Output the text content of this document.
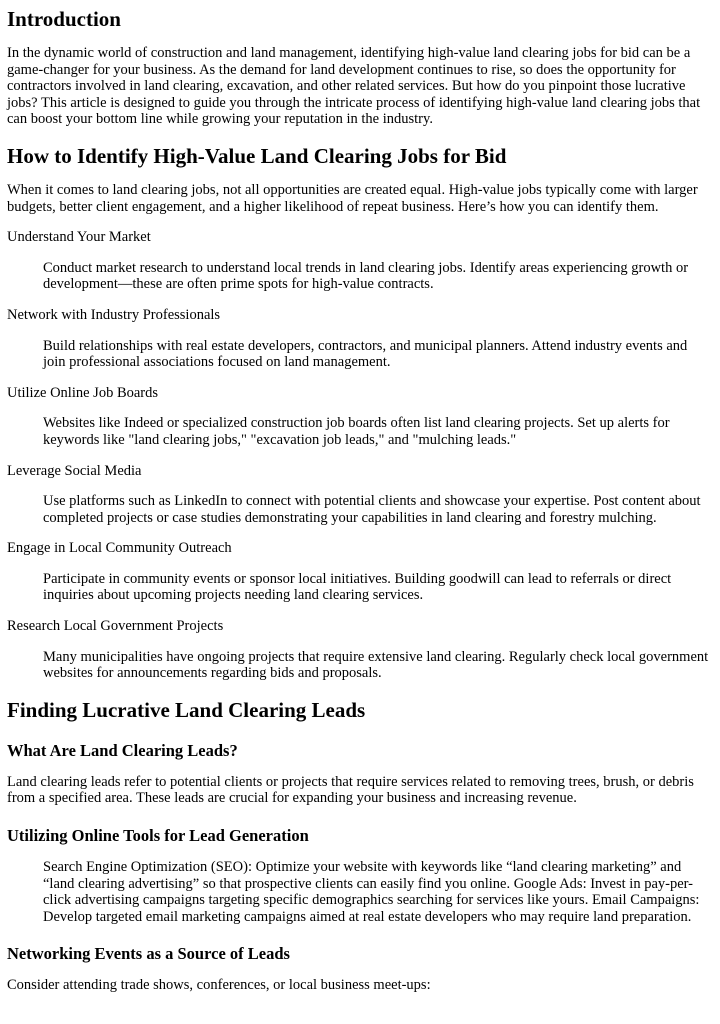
Introduction

In the dynamic world of construction and land management, identifying high-value land clearing jobs for bid can be a game-changer for your business. As the demand for land development continues to rise, so does the opportunity for contractors involved in land clearing, excavation, and other related services. But how do you pinpoint those lucrative jobs? This article is designed to guide you through the intricate process of identifying high-value land clearing jobs that can boost your bottom line while growing your reputation in the industry.

How to Identify High-Value Land Clearing Jobs for Bid

When it comes to land clearing jobs, not all opportunities are created equal. High-value jobs typically come with larger budgets, better client engagement, and a higher likelihood of repeat business. Here’s how you can identify them.

Understand Your Market
Conduct market research to understand local trends in land clearing jobs. Identify areas experiencing growth or development—these are often prime spots for high-value contracts.
Network with Industry Professionals
Build relationships with real estate developers, contractors, and municipal planners. Attend industry events and join professional associations focused on land management.
Utilize Online Job Boards
Websites like Indeed or specialized construction job boards often list land clearing projects. Set up alerts for keywords like "land clearing jobs," "excavation job leads," and "mulching leads."
Leverage Social Media
Use platforms such as LinkedIn to connect with potential clients and showcase your expertise. Post content about completed projects or case studies demonstrating your capabilities in land clearing and forestry mulching.
Engage in Local Community Outreach
Participate in community events or sponsor local initiatives. Building goodwill can lead to referrals or direct inquiries about upcoming projects needing land clearing services.
Research Local Government Projects
Many municipalities have ongoing projects that require extensive land clearing. Regularly check local government websites for announcements regarding bids and proposals.
Finding Lucrative Land Clearing Leads
What Are Land Clearing Leads?

Land clearing leads refer to potential clients or projects that require services related to removing trees, brush, or debris from a specified area. These leads are crucial for expanding your business and increasing revenue.

Utilizing Online Tools for Lead Generation
Search Engine Optimization (SEO): Optimize your website with keywords like “land clearing marketing” and “land clearing advertising” so that prospective clients can easily find you online. Google Ads: Invest in pay-per-click advertising campaigns targeting specific demographics searching for services like yours. Email Campaigns: Develop targeted email marketing campaigns aimed at real estate developers who may require land preparation.
Networking Events as a Source of Leads

Consider attending trade shows, conferences, or local business meet-ups:
